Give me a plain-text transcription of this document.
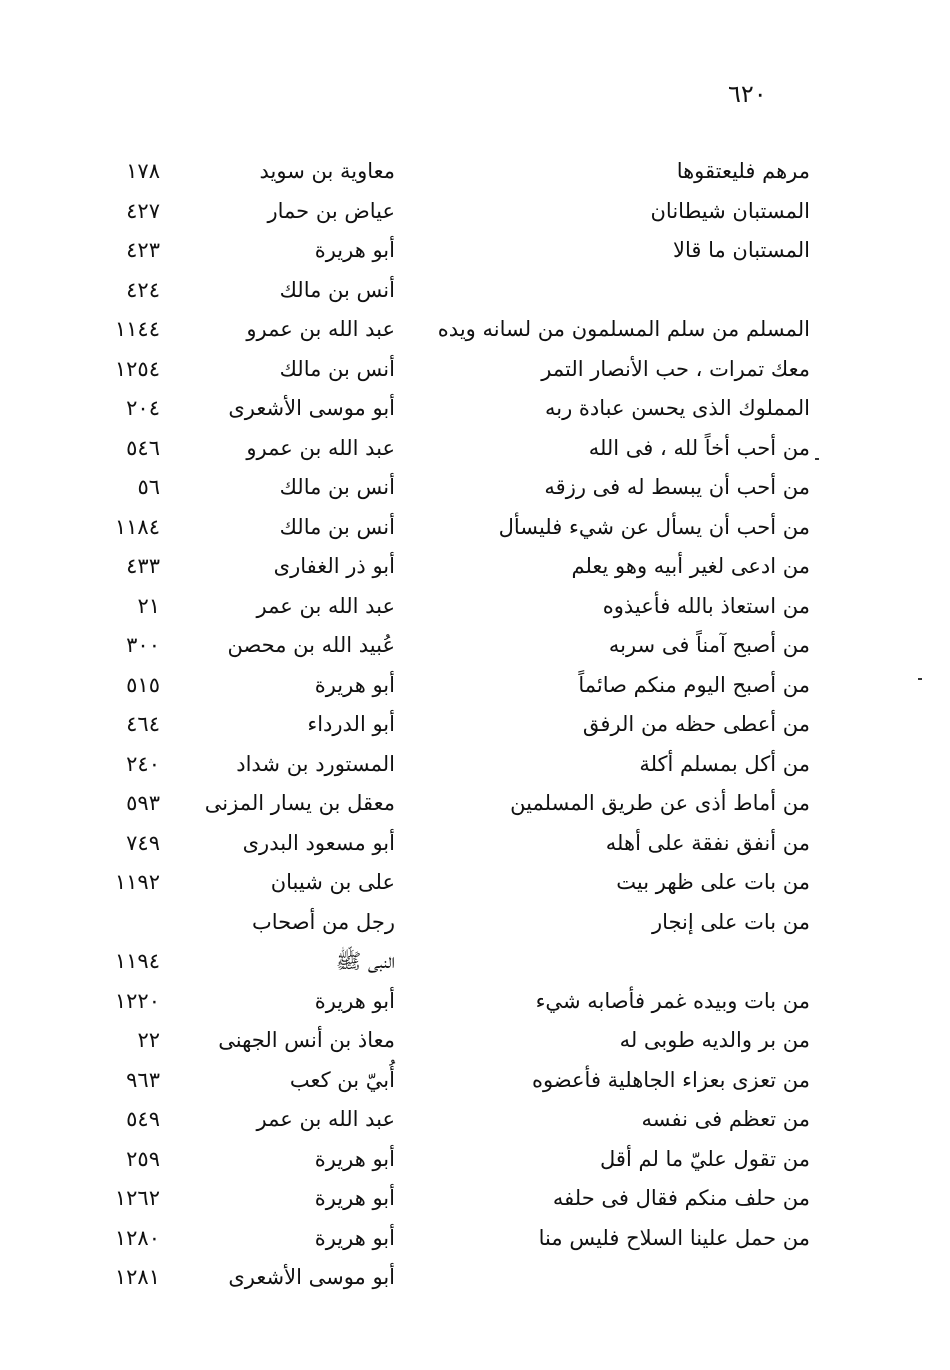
٦٢٠
مرهم فليعتقوها
معاوية بن سويد
١٧٨
المستبان شيطانان
عياض بن حمار
٤٢٧
المستبان ما قالا
أبو هريرة
٤٢٣
أنس بن مالك
٤٢٤
المسلم من سلم المسلمون من لسانه ويده
عبد الله بن عمرو
١١٤٤
معك تمرات ، حب الأنصار التمر
أنس بن مالك
١٢٥٤
المملوك الذى يحسن عبادة ربه
أبو موسى الأشعرى
٢٠٤
من أحب أخاً لله ، فى الله
عبد الله بن عمرو
٥٤٦
من أحب أن يبسط له فى رزقه
أنس بن مالك
٥٦
من أحب أن يسأل عن شيء فليسأل
أنس بن مالك
١١٨٤
من ادعى لغير أبيه وهو يعلم
أبو ذر الغفارى
٤٣٣
من استعاذ بالله فأعيذوه
عبد الله بن عمر
٢١
من أصبح آمناً فى سربه
عُبيد الله بن محصن
٣٠٠
من أصبح اليوم منكم صائماً
أبو هريرة
٥١٥
من أعطى حظه من الرفق
أبو الدرداء
٤٦٤
من أكل بمسلم أكلة
المستورد بن شداد
٢٤٠
من أماط أذى عن طريق المسلمين
معقل بن يسار المزنى
٥٩٣
من أنفق نفقة على أهله
أبو مسعود البدرى
٧٤٩
من بات على ظهر بيت
على بن شيبان
١١٩٢
من بات على إنجار
رجل من أصحاب
النبى ﷺ
١١٩٤
من بات وبيده غمر فأصابه شيء
أبو هريرة
١٢٢٠
من بر والديه طوبى له
معاذ بن أنس الجهنى
٢٢
من تعزى بعزاء الجاهلية فأعضوه
أُبيّ بن كعب
٩٦٣
من تعظم فى نفسه
عبد الله بن عمر
٥٤٩
من تقول عليّ ما لم أقل
أبو هريرة
٢٥٩
من حلف منكم فقال فى حلفه
أبو هريرة
١٢٦٢
من حمل علينا السلاح فليس منا
أبو هريرة
١٢٨٠
أبو موسى الأشعرى
١٢٨١
